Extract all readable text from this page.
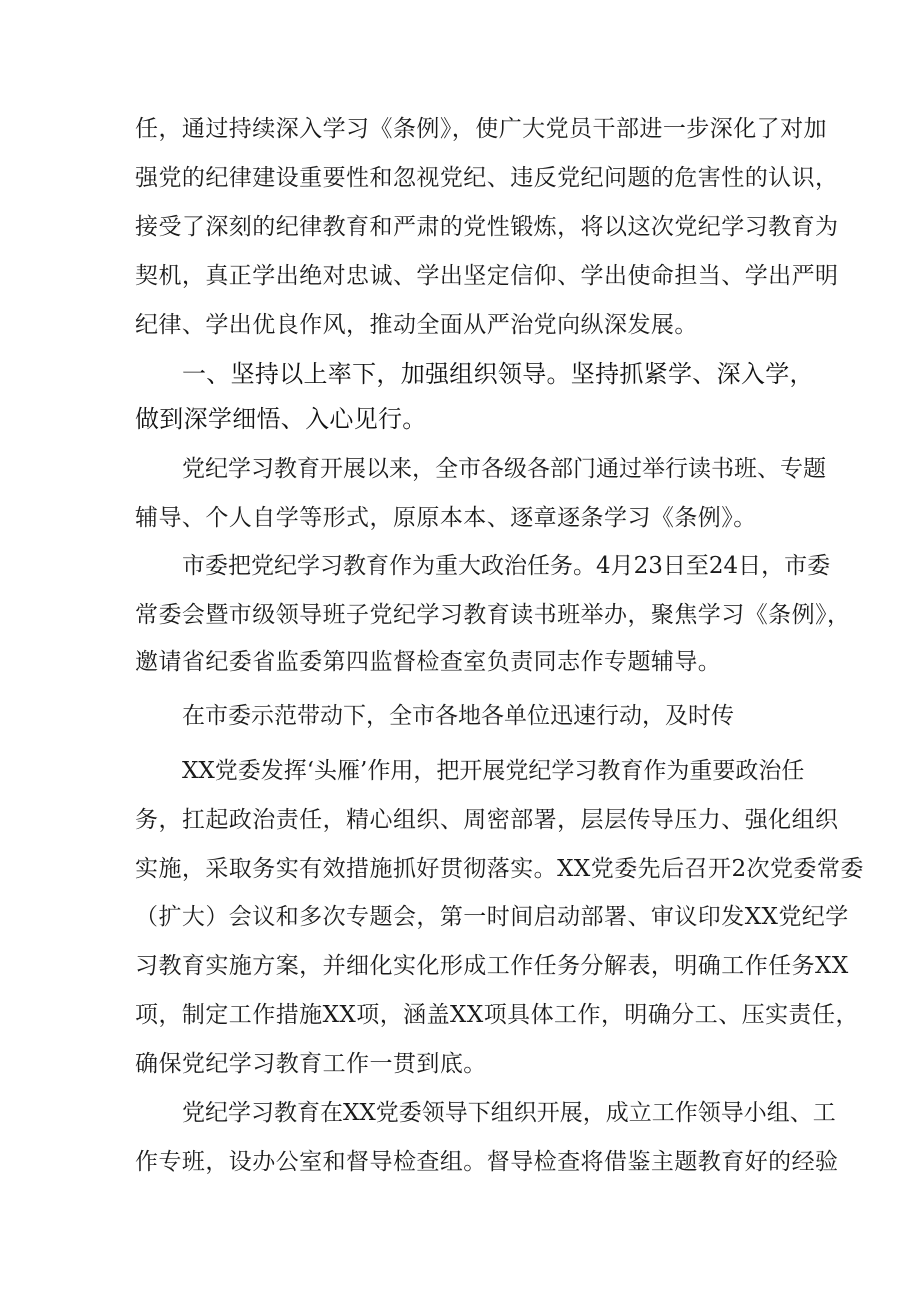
任，通过持续深入学习《条例》，使广大党员干部进一步深化了对加
强党的纪律建设重要性和忽视党纪、违反党纪问题的危害性的认识，
接受了深刻的纪律教育和严肃的党性锻炼，将以这次党纪学习教育为
契机，真正学出绝对忠诚、学出坚定信仰、学出使命担当、学出严明
纪律、学出优良作风，推动全面从严治党向纵深发展。
一、坚持以上率下，加强组织领导。坚持抓紧学、深入学，
做到深学细悟、入心见行。
党纪学习教育开展以来，全市各级各部门通过举行读书班、专题
辅导、个人自学等形式，原原本本、逐章逐条学习《条例》。
市委把党纪学习教育作为重大政治任务。4月23日至24日，市委
常委会暨市级领导班子党纪学习教育读书班举办，聚焦学习《条例》，
邀请省纪委省监委第四监督检查室负责同志作专题辅导。
在市委示范带动下，全市各地各单位迅速行动，及时传
XX党委发挥‘头雁’作用，把开展党纪学习教育作为重要政治任
务，扛起政治责任，精心组织、周密部署，层层传导压力、强化组织
实施，采取务实有效措施抓好贯彻落实。XX党委先后召开2次党委常委
（扩大）会议和多次专题会，第一时间启动部署、审议印发XX党纪学
习教育实施方案，并细化实化形成工作任务分解表，明确工作任务XX
项，制定工作措施XX项，涵盖XX项具体工作，明确分工、压实责任，
确保党纪学习教育工作一贯到底。
党纪学习教育在XX党委领导下组织开展，成立工作领导小组、工
作专班，设办公室和督导检查组。督导检查将借鉴主题教育好的经验
